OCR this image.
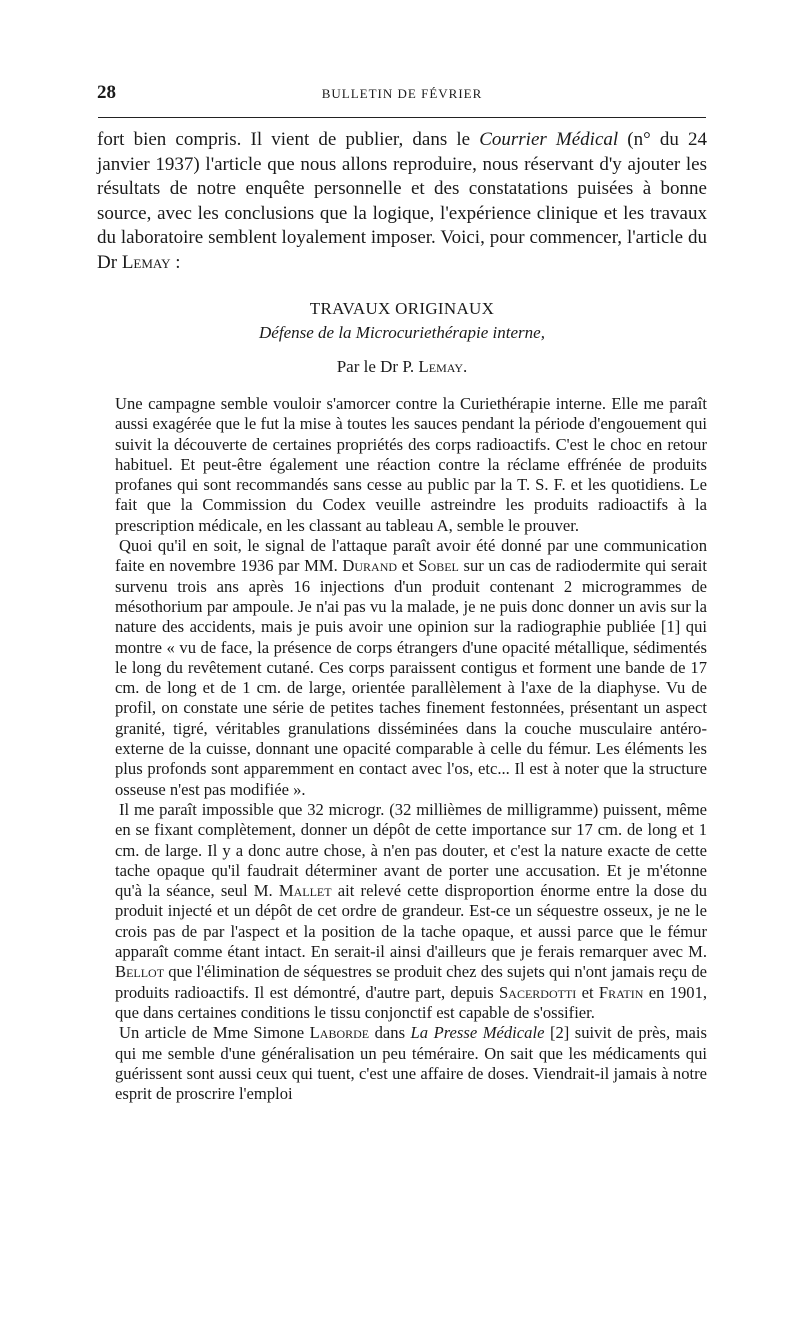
28	BULLETIN DE FÉVRIER

fort bien compris. Il vient de publier, dans le Courrier Médical (n° du 24 janvier 1937) l'article que nous allons reproduire, nous réservant d'y ajouter les résultats de notre enquête personnelle et des constatations puisées à bonne source, avec les conclusions que la logique, l'expérience clinique et les travaux du laboratoire semblent loyalement imposer. Voici, pour commencer, l'article du Dr Lemay :

TRAVAUX ORIGINAUX

Défense de la Microcuriethérapie interne,

Par le Dr P. Lemay.

Une campagne semble vouloir s'amorcer contre la Curiethérapie interne. Elle me paraît aussi exagérée que le fut la mise à toutes les sauces pendant la période d'engouement qui suivit la découverte de certaines propriétés des corps radioactifs. C'est le choc en retour habituel. Et peut-être également une réaction contre la réclame effrénée de produits profanes qui sont recommandés sans cesse au public par la T. S. F. et les quotidiens. Le fait que la Commission du Codex veuille astreindre les produits radioactifs à la prescription médicale, en les classant au tableau A, semble le prouver.

Quoi qu'il en soit, le signal de l'attaque paraît avoir été donné par une communication faite en novembre 1936 par MM. Durand et Sobel sur un cas de radiodermite qui serait survenu trois ans après 16 injections d'un produit contenant 2 microgrammes de mésothorium par ampoule. Je n'ai pas vu la malade, je ne puis donc donner un avis sur la nature des accidents, mais je puis avoir une opinion sur la radiographie publiée [1] qui montre « vu de face, la présence de corps étrangers d'une opacité métallique, sédimentés le long du revêtement cutané. Ces corps paraissent contigus et forment une bande de 17 cm. de long et de 1 cm. de large, orientée parallèlement à l'axe de la diaphyse. Vu de profil, on constate une série de petites taches finement festonnées, présentant un aspect granité, tigré, véritables granulations disséminées dans la couche musculaire antéro-externe de la cuisse, donnant une opacité comparable à celle du fémur. Les éléments les plus profonds sont apparemment en contact avec l'os, etc... Il est à noter que la structure osseuse n'est pas modifiée ».

Il me paraît impossible que 32 microgr. (32 millièmes de milligramme) puissent, même en se fixant complètement, donner un dépôt de cette importance sur 17 cm. de long et 1 cm. de large. Il y a donc autre chose, à n'en pas douter, et c'est la nature exacte de cette tache opaque qu'il faudrait déterminer avant de porter une accusation. Et je m'étonne qu'à la séance, seul M. Mallet ait relevé cette disproportion énorme entre la dose du produit injecté et un dépôt de cet ordre de grandeur. Est-ce un séquestre osseux, je ne le crois pas de par l'aspect et la position de la tache opaque, et aussi parce que le fémur apparaît comme étant intact. En serait-il ainsi d'ailleurs que je ferais remarquer avec M. Bellot que l'élimination de séquestres se produit chez des sujets qui n'ont jamais reçu de produits radioactifs. Il est démontré, d'autre part, depuis Sacerdotti et Fratin en 1901, que dans certaines conditions le tissu conjonctif est capable de s'ossifier.

Un article de Mme Simone Laborde dans La Presse Médicale [2] suivit de près, mais qui me semble d'une généralisation un peu téméraire. On sait que les médicaments qui guérissent sont aussi ceux qui tuent, c'est une affaire de doses. Viendrait-il jamais à notre esprit de proscrire l'emploi
